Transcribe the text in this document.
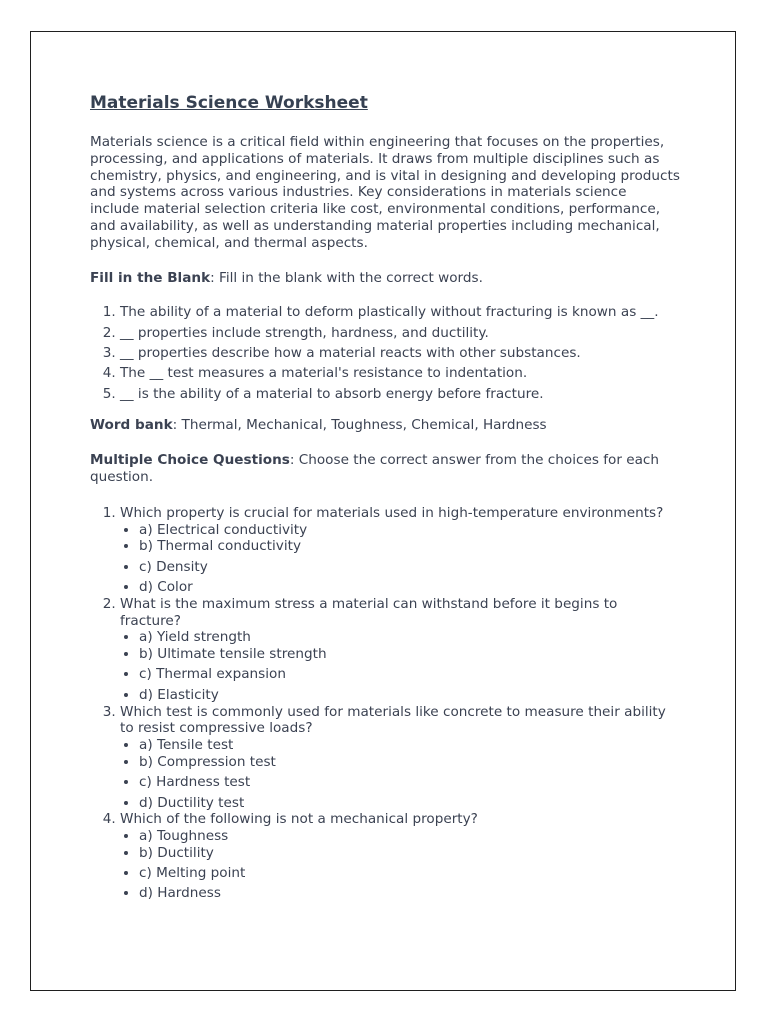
Materials Science Worksheet

Materials science is a critical field within engineering that focuses on the properties, processing, and applications of materials. It draws from multiple disciplines such as chemistry, physics, and engineering, and is vital in designing and developing products and systems across various industries. Key considerations in materials science include material selection criteria like cost, environmental conditions, performance, and availability, as well as understanding material properties including mechanical, physical, chemical, and thermal aspects.

Fill in the Blank: Fill in the blank with the correct words.

1. The ability of a material to deform plastically without fracturing is known as __.
2. __ properties include strength, hardness, and ductility.
3. __ properties describe how a material reacts with other substances.
4. The __ test measures a material's resistance to indentation.
5. __ is the ability of a material to absorb energy before fracture.

Word bank: Thermal, Mechanical, Toughness, Chemical, Hardness

Multiple Choice Questions: Choose the correct answer from the choices for each question.

1. Which property is crucial for materials used in high-temperature environments?
• a) Electrical conductivity
• b) Thermal conductivity
• c) Density
• d) Color
2. What is the maximum stress a material can withstand before it begins to fracture?
• a) Yield strength
• b) Ultimate tensile strength
• c) Thermal expansion
• d) Elasticity
3. Which test is commonly used for materials like concrete to measure their ability to resist compressive loads?
• a) Tensile test
• b) Compression test
• c) Hardness test
• d) Ductility test
4. Which of the following is not a mechanical property?
• a) Toughness
• b) Ductility
• c) Melting point
• d) Hardness
